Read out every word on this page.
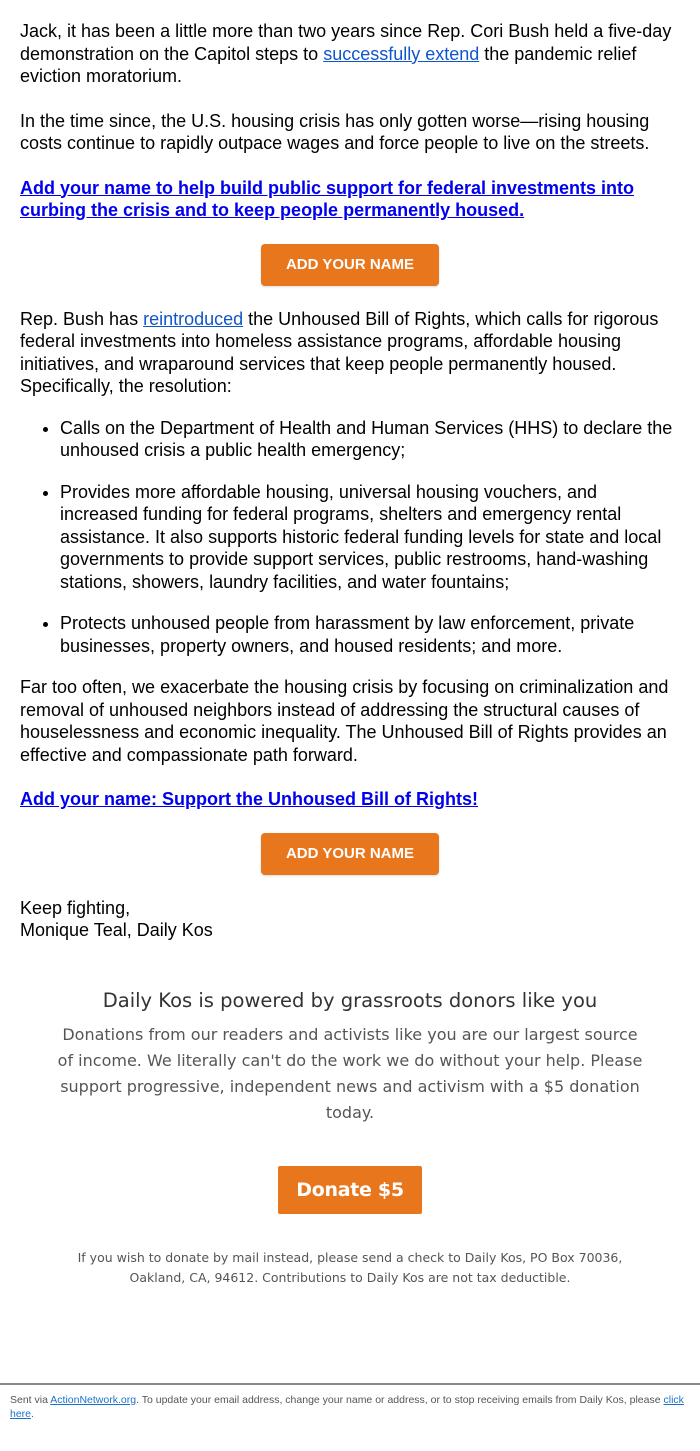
Jack, it has been a little more than two years since Rep. Cori Bush held a five-day demonstration on the Capitol steps to successfully extend the pandemic relief eviction moratorium.

In the time since, the U.S. housing crisis has only gotten worse—rising housing costs continue to rapidly outpace wages and force people to live on the streets.

Add your name to help build public support for federal investments into curbing the crisis and to keep people permanently housed.

ADD YOUR NAME

Rep. Bush has reintroduced the Unhoused Bill of Rights, which calls for rigorous federal investments into homeless assistance programs, affordable housing initiatives, and wraparound services that keep people permanently housed. Specifically, the resolution:

• Calls on the Department of Health and Human Services (HHS) to declare the unhoused crisis a public health emergency;
• Provides more affordable housing, universal housing vouchers, and increased funding for federal programs, shelters and emergency rental assistance. It also supports historic federal funding levels for state and local governments to provide support services, public restrooms, hand-washing stations, showers, laundry facilities, and water fountains;
• Protects unhoused people from harassment by law enforcement, private businesses, property owners, and housed residents; and more.

Far too often, we exacerbate the housing crisis by focusing on criminalization and removal of unhoused neighbors instead of addressing the structural causes of houselessness and economic inequality. The Unhoused Bill of Rights provides an effective and compassionate path forward.

Add your name: Support the Unhoused Bill of Rights!

ADD YOUR NAME

Keep fighting,

Monique Teal, Daily Kos

Daily Kos is powered by grassroots donors like you

Donations from our readers and activists like you are our largest source of income. We literally can't do the work we do without your help. Please support progressive, independent news and activism with a $5 donation today.

Donate $5

If you wish to donate by mail instead, please send a check to Daily Kos, PO Box 70036, Oakland, CA, 94612. Contributions to Daily Kos are not tax deductible.

Sent via ActionNetwork.org. To update your email address, change your name or address, or to stop receiving emails from Daily Kos, please click here.
